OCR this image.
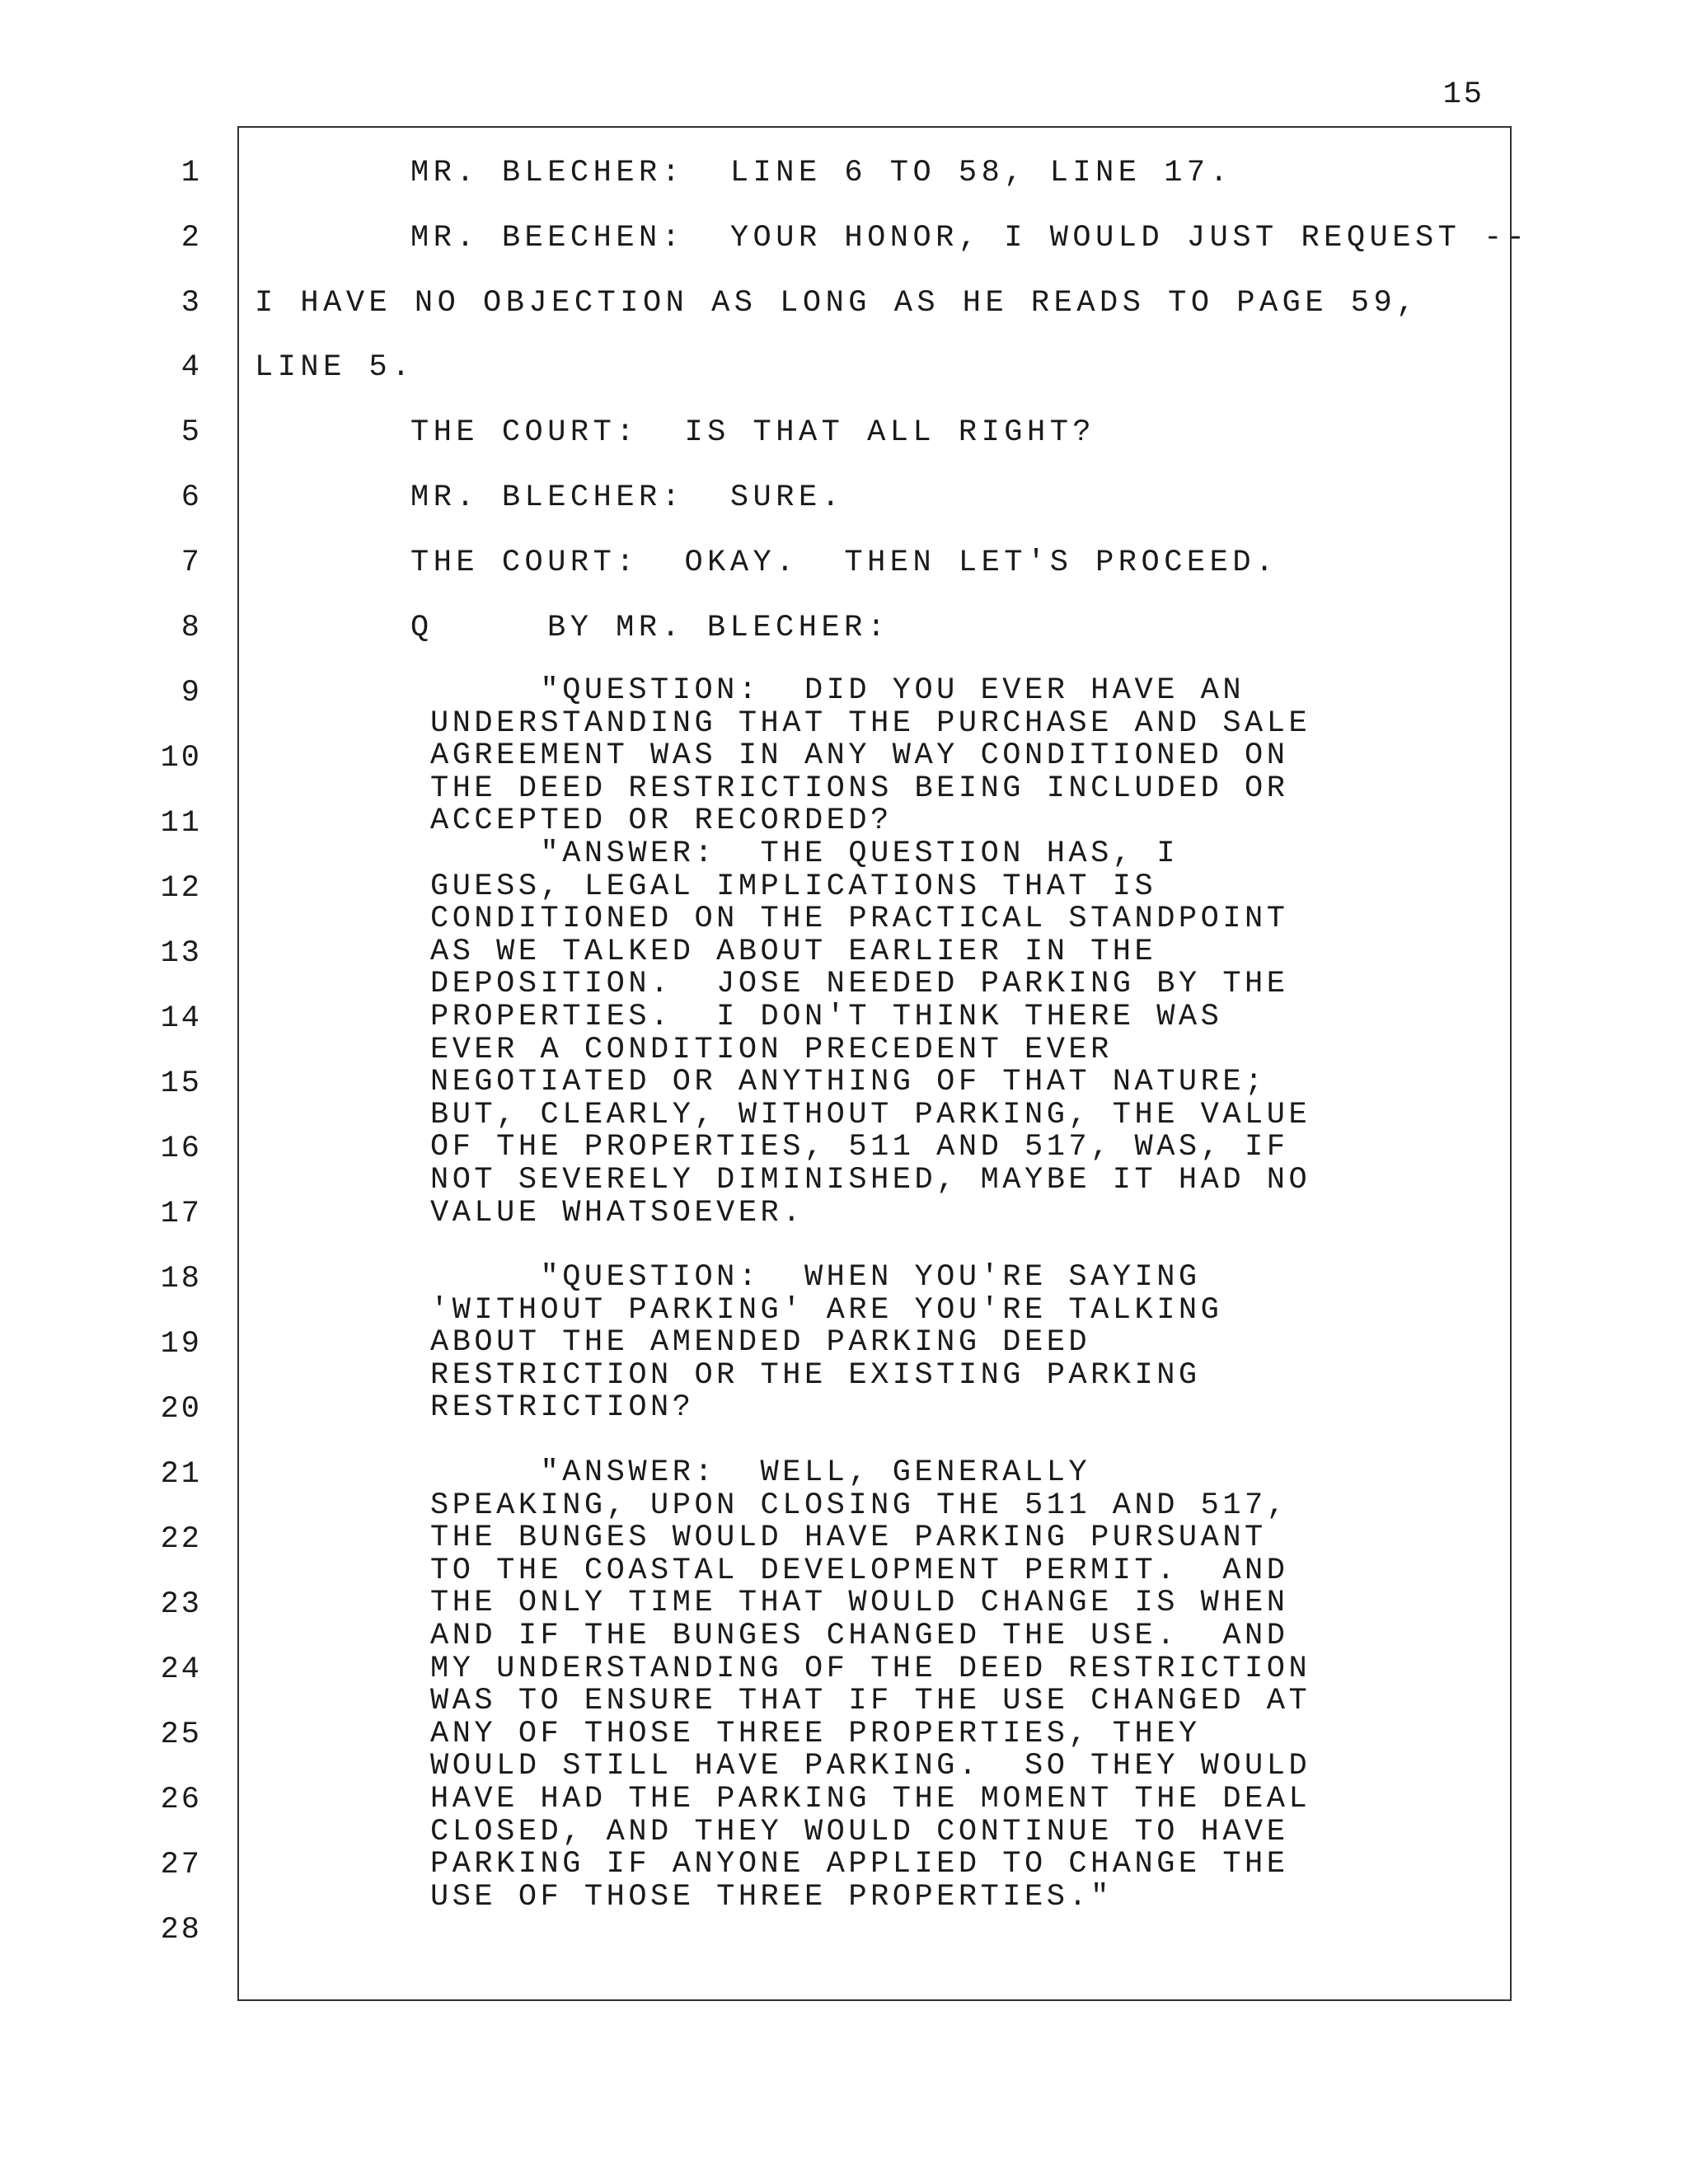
15
1
2
3
4
5
6
7
8
9
10
11
12
13
14
15
16
17
18
19
20
21
22
23
24
25
26
27
28
MR. BLECHER:  LINE 6 TO 58, LINE 17.
MR. BEECHEN:  YOUR HONOR, I WOULD JUST REQUEST --
I HAVE NO OBJECTION AS LONG AS HE READS TO PAGE 59,
LINE 5.
THE COURT:  IS THAT ALL RIGHT?
MR. BLECHER:  SURE.
THE COURT:  OKAY.  THEN LET'S PROCEED.
Q	BY MR. BLECHER:
"QUESTION:  DID YOU EVER HAVE AN
UNDERSTANDING THAT THE PURCHASE AND SALE
AGREEMENT WAS IN ANY WAY CONDITIONED ON
THE DEED RESTRICTIONS BEING INCLUDED OR
ACCEPTED OR RECORDED?
"ANSWER:  THE QUESTION HAS, I
GUESS, LEGAL IMPLICATIONS THAT IS
CONDITIONED ON THE PRACTICAL STANDPOINT
AS WE TALKED ABOUT EARLIER IN THE
DEPOSITION.  JOSE NEEDED PARKING BY THE
PROPERTIES.  I DON'T THINK THERE WAS
EVER A CONDITION PRECEDENT EVER
NEGOTIATED OR ANYTHING OF THAT NATURE;
BUT, CLEARLY, WITHOUT PARKING, THE VALUE
OF THE PROPERTIES, 511 AND 517, WAS, IF
NOT SEVERELY DIMINISHED, MAYBE IT HAD NO
VALUE WHATSOEVER.
"QUESTION:  WHEN YOU'RE SAYING
'WITHOUT PARKING' ARE YOU'RE TALKING
ABOUT THE AMENDED PARKING DEED
RESTRICTION OR THE EXISTING PARKING
RESTRICTION?
"ANSWER:  WELL, GENERALLY
SPEAKING, UPON CLOSING THE 511 AND 517,
THE BUNGES WOULD HAVE PARKING PURSUANT
TO THE COASTAL DEVELOPMENT PERMIT.  AND
THE ONLY TIME THAT WOULD CHANGE IS WHEN
AND IF THE BUNGES CHANGED THE USE.  AND
MY UNDERSTANDING OF THE DEED RESTRICTION
WAS TO ENSURE THAT IF THE USE CHANGED AT
ANY OF THOSE THREE PROPERTIES, THEY
WOULD STILL HAVE PARKING.  SO THEY WOULD
HAVE HAD THE PARKING THE MOMENT THE DEAL
CLOSED, AND THEY WOULD CONTINUE TO HAVE
PARKING IF ANYONE APPLIED TO CHANGE THE
USE OF THOSE THREE PROPERTIES."
